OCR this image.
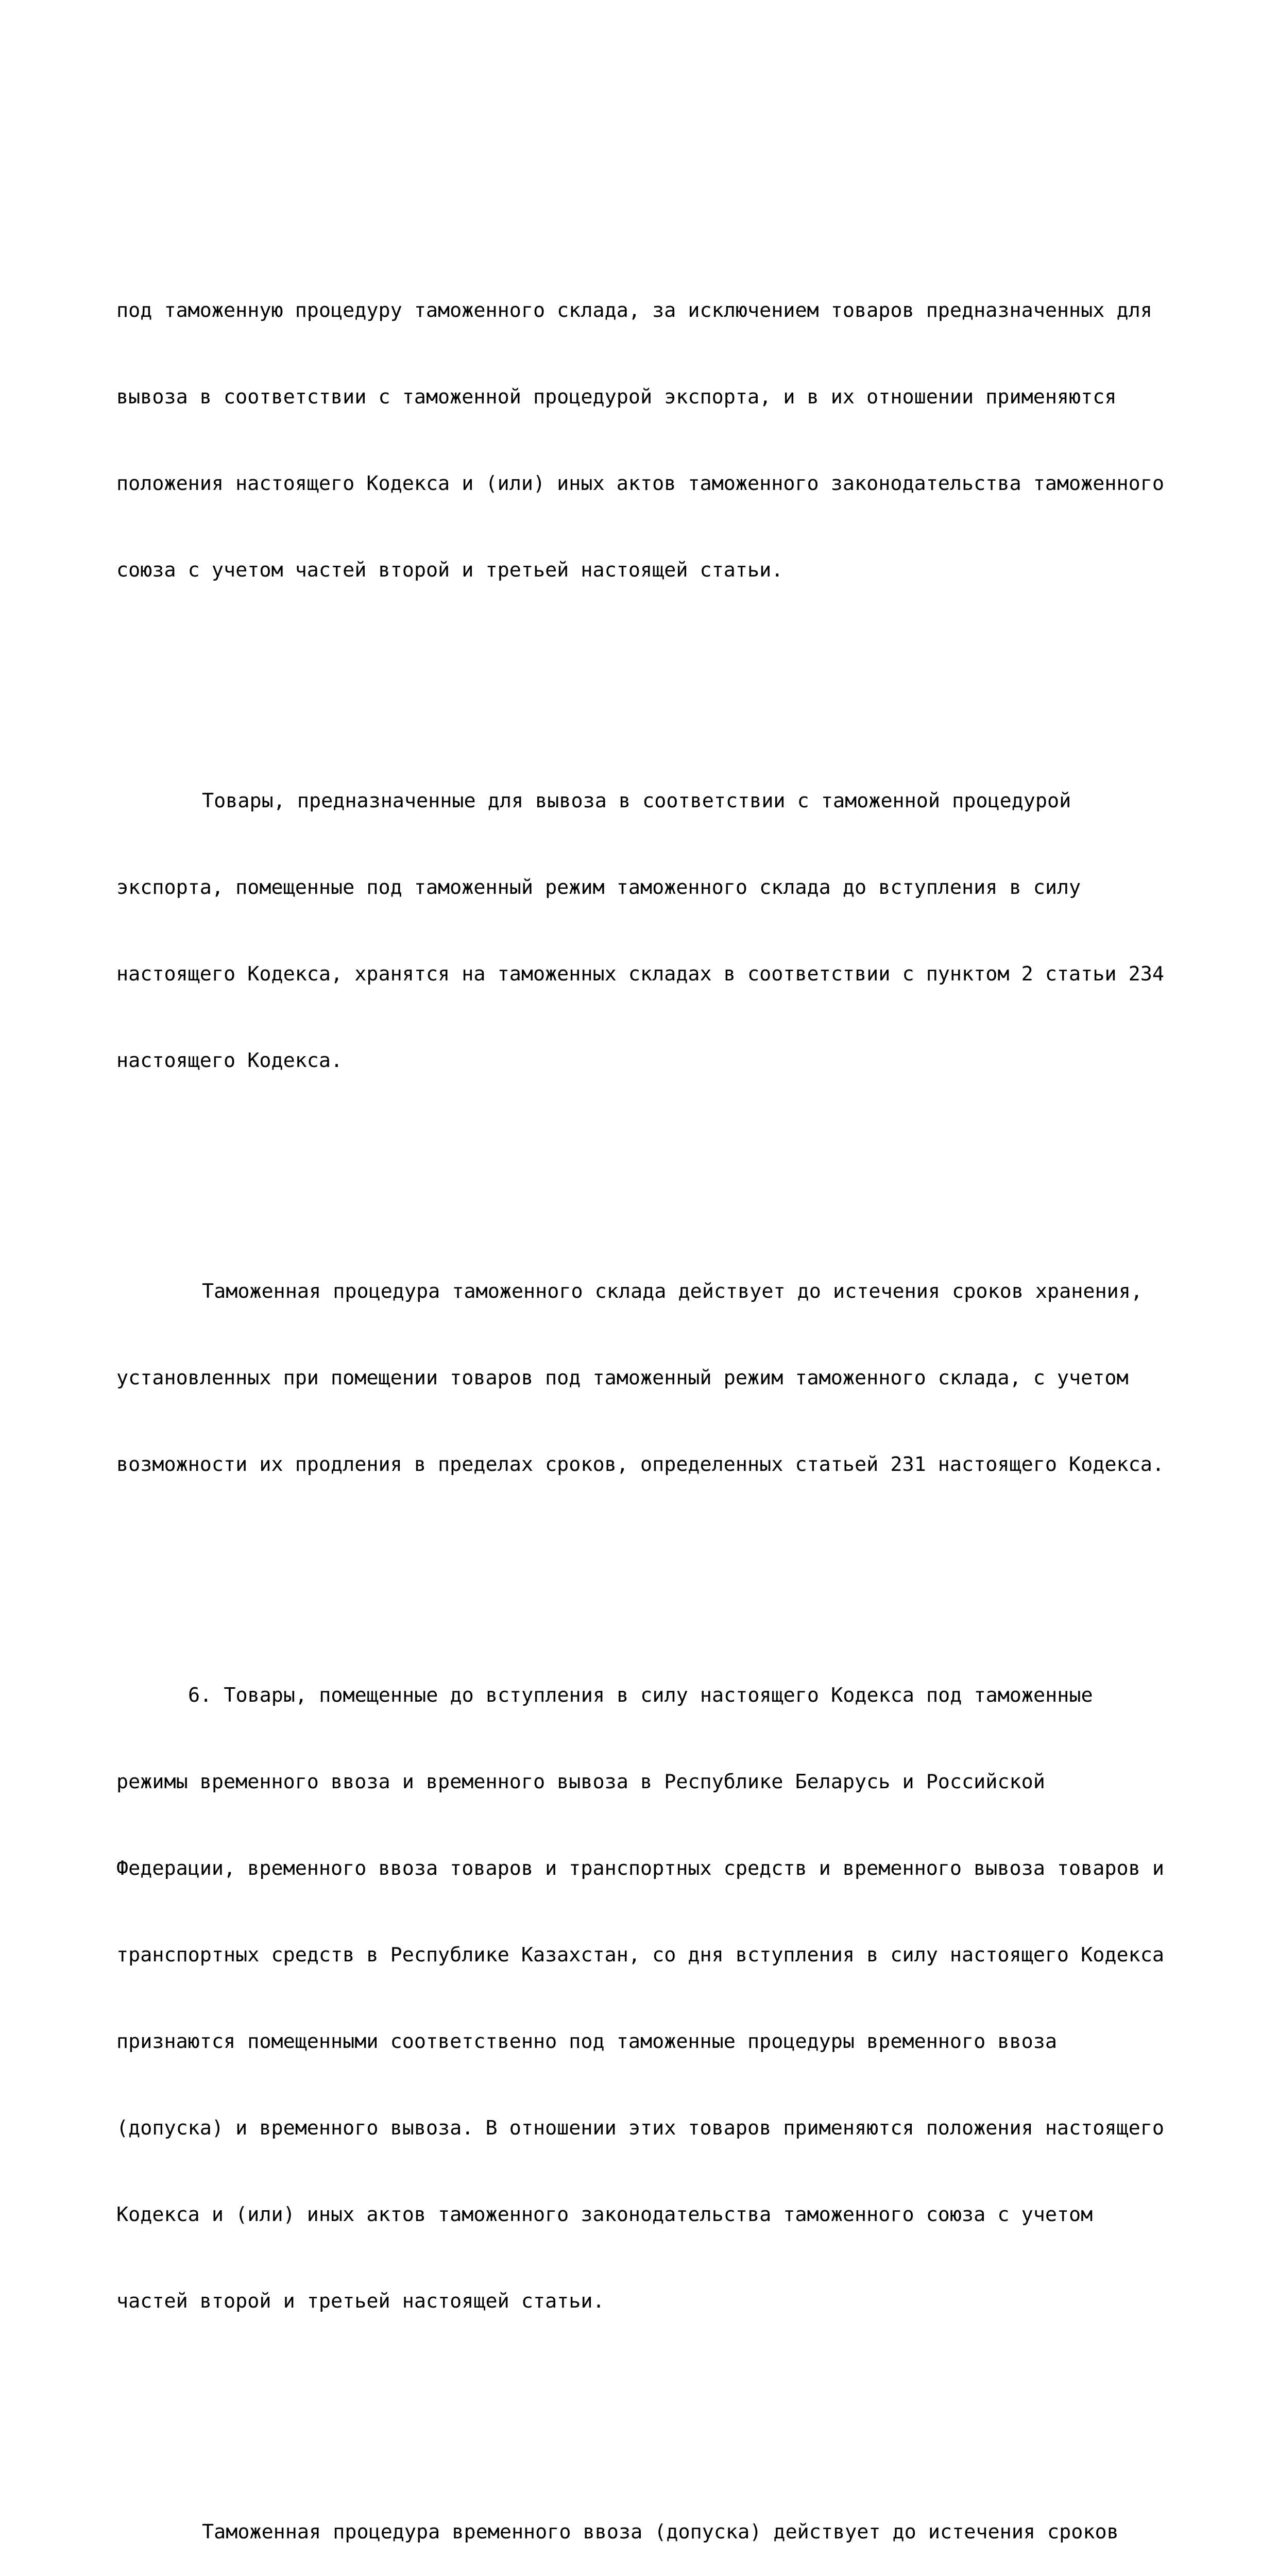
под таможенную процедуру таможенного склада, за исключением товаров предназначенных для

вывоза в соответствии с таможенной процедурой экспорта, и в их отношении применяются

положения настоящего Кодекса и (или) иных актов таможенного законодательства таможенного

союза с учетом частей второй и третьей настоящей статьи.

Товары, предназначенные для вывоза в соответствии с таможенной процедурой

экспорта, помещенные под таможенный режим таможенного склада до вступления в силу

настоящего Кодекса, хранятся на таможенных складах в соответствии с пунктом 2 статьи 234

настоящего Кодекса.

Таможенная процедура таможенного склада действует до истечения сроков хранения,

установленных при помещении товаров под таможенный режим таможенного склада, с учетом

возможности их продления в пределах сроков, определенных статьей 231 настоящего Кодекса.

6. Товары, помещенные до вступления в силу настоящего Кодекса под таможенные

режимы временного ввоза и временного вывоза в Республике Беларусь и Российской

Федерации, временного ввоза товаров и транспортных средств и временного вывоза товаров и

транспортных средств в Республике Казахстан, со дня вступления в силу настоящего Кодекса

признаются помещенными соответственно под таможенные процедуры временного ввоза

(допуска) и временного вывоза. В отношении этих товаров применяются положения настоящего

Кодекса и (или) иных актов таможенного законодательства таможенного союза с учетом

частей второй и третьей настоящей статьи.

Таможенная процедура временного ввоза (допуска) действует до истечения сроков
